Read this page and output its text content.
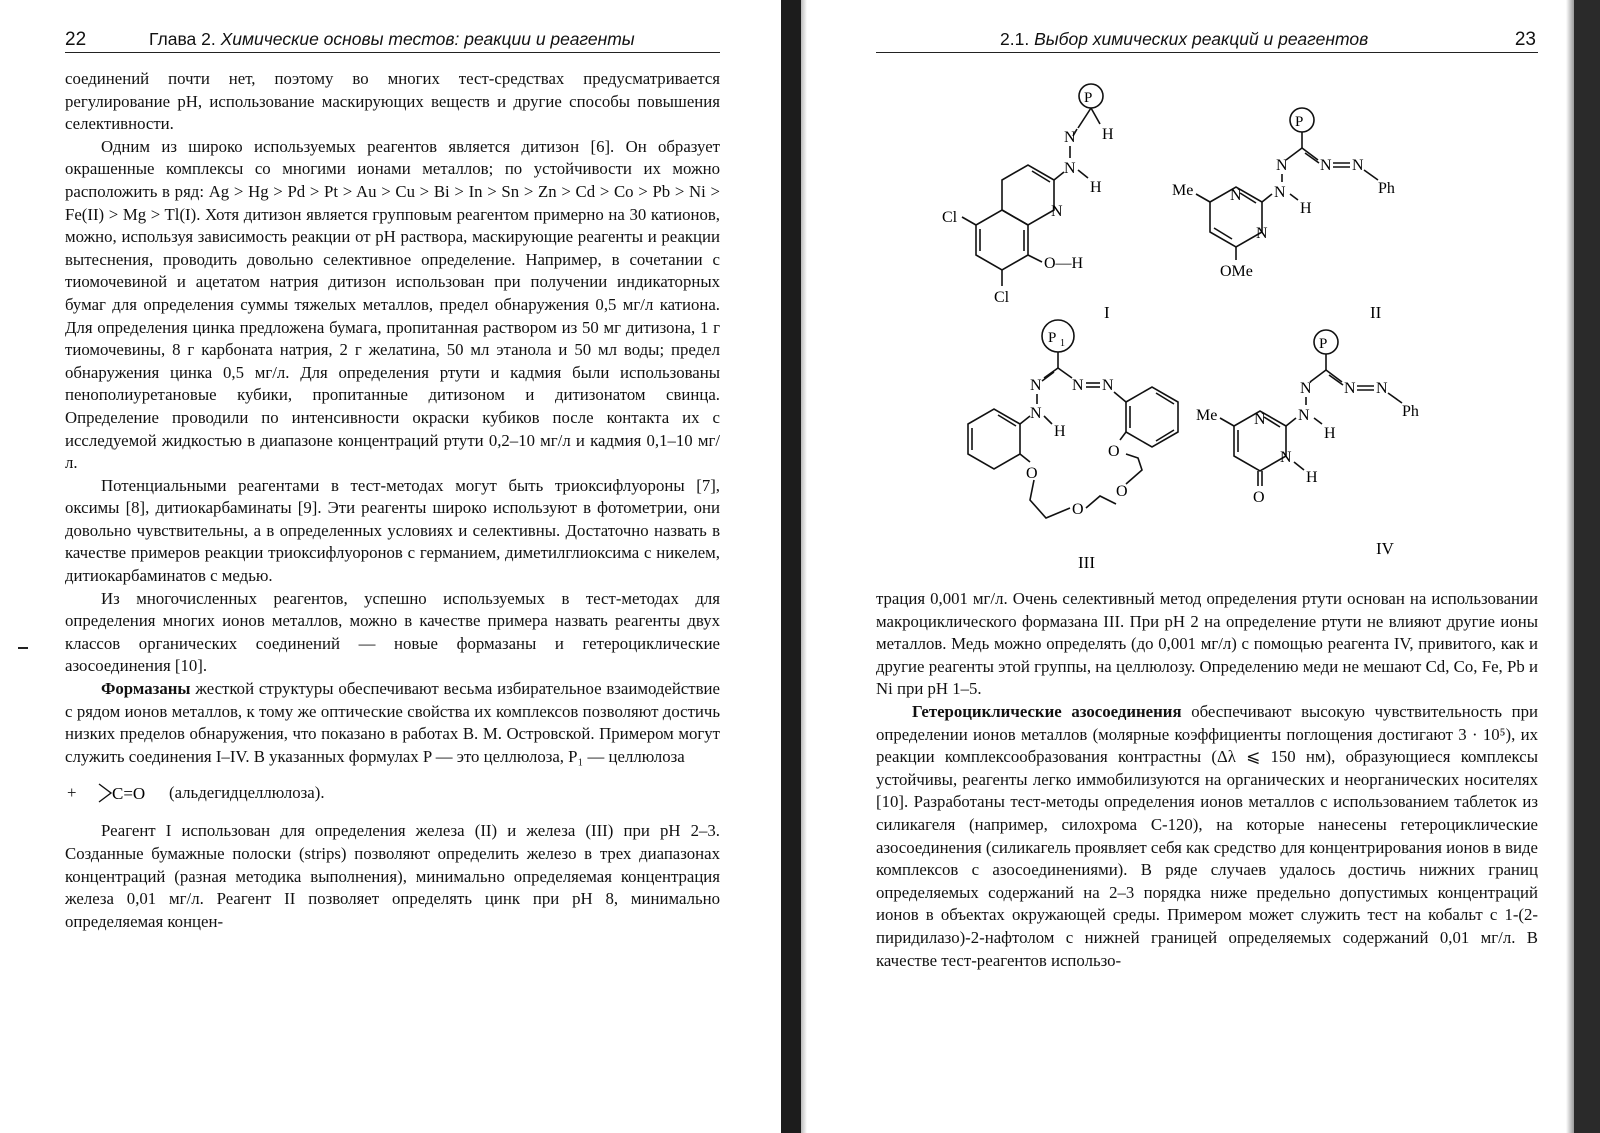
22	Глава 2. Химические основы тестов: реакции и реагенты

соединений почти нет, поэтому во многих тест-средствах предусматривается регулирование pH, использование маскирующих веществ и другие способы повышения селективности.

Одним из широко используемых реагентов является дитизон [6]. Он образует окрашенные комплексы со многими ионами металлов; по устойчивости их можно расположить в ряд: Ag > Hg > Pd > Pt > Au > Cu > Bi > In > Sn > Zn > Cd > Co > Pb > Ni > Fe(II) > Mg > Tl(I). Хотя дитизон является групповым реагентом примерно на 30 катионов, можно, используя зависимость реакции от pH раствора, маскирующие реагенты и реакции вытеснения, проводить довольно селективное определение. Например, в сочетании с тиомочевиной и ацетатом натрия дитизон использован при получении индикаторных бумаг для определения суммы тяжелых металлов, предел обнаружения 0,5 мг/л катиона. Для определения цинка предложена бумага, пропитанная раствором из 50 мг дитизона, 1 г тиомочевины, 8 г карбоната натрия, 2 г желатина, 50 мл этанола и 50 мл воды; предел обнаружения цинка 0,5 мг/л. Для определения ртути и кадмия были использованы пенополиуретановые кубики, пропитанные дитизоном и дитизонатом свинца. Определение проводили по интенсивности окраски кубиков после контакта их с исследуемой жидкостью в диапазоне концентраций ртути 0,2–10 мг/л и кадмия 0,1–10 мг/л.

Потенциальными реагентами в тест-методах могут быть триоксифлуороны [7], оксимы [8], дитиокарбаминаты [9]. Эти реагенты широко используют в фотометрии, они довольно чувствительны, а в определенных условиях и селективны. Достаточно назвать в качестве примеров реакции триоксифлуоронов с германием, диметилглиоксима с никелем, дитиокарбаминатов с медью.

Из многочисленных реагентов, успешно используемых в тест-методах для определения многих ионов металлов, можно в качестве примера назвать реагенты двух классов органических соединений — новые формазаны и гетероциклические азосоединения [10].

Формазаны жесткой структуры обеспечивают весьма избирательное взаимодействие с рядом ионов металлов, к тому же оптические свойства их комплексов позволяют достичь низких пределов обнаружения, что показано в работах В. М. Островской. Примером могут служить соединения I–IV. В указанных формулах P — это целлюлоза, P₁ — целлюлоза

+ C=O (альдегидцеллюлоза).

Реагент I использован для определения железа (II) и железа (III) при pH 2–3. Созданные бумажные полоски (strips) позволяют определить железо в трех диапазонах концентраций (разная методика выполнения), минимально определяемая концентрация железа 0,01 мг/л. Реагент II позволяет определять цинк при pH 8, минимально определяемая концен-

2.1. Выбор химических реакций и реагентов	23
P
H
N
N
H
N
Cl
Cl
O—H
I
P
N N N
Ph
N
H
N
N
Me
OMe
II
P 1
N N N
N
H
O
O
O
O
III
P
N N N
Ph
N
H
N
N
H
Me
O
IV

трация 0,001 мг/л. Очень селективный метод определения ртути основан на использовании макроциклического формазана III. При pH 2 на определение ртути не влияют другие ионы металлов. Медь можно определять (до 0,001 мг/л) с помощью реагента IV, привитого, как и другие реагенты этой группы, на целлюлозу. Определению меди не мешают Cd, Co, Fe, Pb и Ni при pH 1–5.

Гетероциклические азосоединения обеспечивают высокую чувствительность при определении ионов металлов (молярные коэффициенты поглощения достигают 3 · 10⁵), их реакции комплексообразования контрастны (Δλ ⩽ 150 нм), образующиеся комплексы устойчивы, реагенты легко иммобилизуются на органических и неорганических носителях [10]. Разработаны тест-методы определения ионов металлов с использованием таблеток из силикагеля (например, силохрома С-120), на которые нанесены гетероциклические азосоединения (силикагель проявляет себя как средство для концентрирования ионов в виде комплексов с азосоединениями). В ряде случаев удалось достичь нижних границ определяемых содержаний на 2–3 порядка ниже предельно допустимых концентраций ионов в объектах окружающей среды. Примером может служить тест на кобальт с 1-(2-пиридилазо)-2-нафтолом с нижней границей определяемых содержаний 0,01 мг/л. В качестве тест-реагентов использо-
